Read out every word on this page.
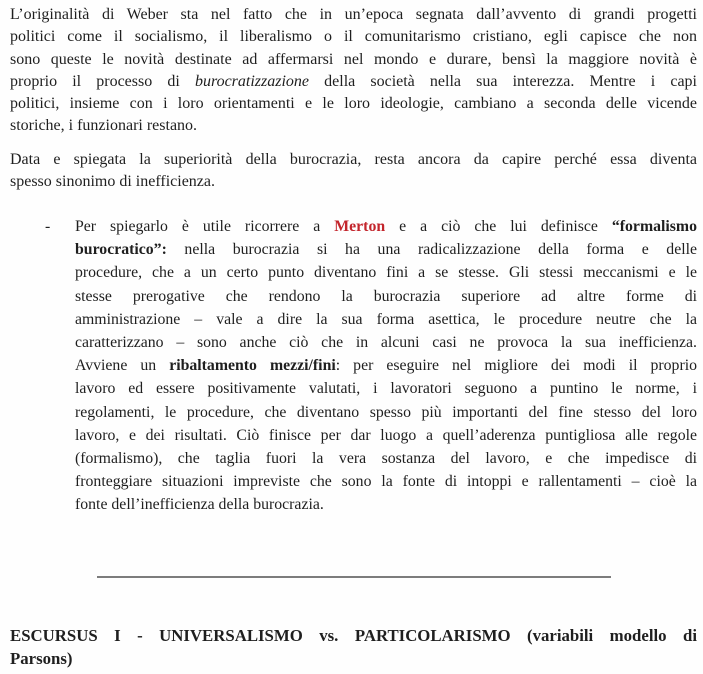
L’originalità di Weber sta nel fatto che in un’epoca segnata dall’avvento di grandi progetti
politici come il socialismo, il liberalismo o il comunitarismo cristiano, egli capisce che non
sono queste le novità destinate ad affermarsi nel mondo e durare, bensì la maggiore novità è
proprio il processo di burocratizzazione della società nella sua interezza. Mentre i capi
politici, insieme con i loro orientamenti e le loro ideologie, cambiano a seconda delle vicende
storiche, i funzionari restano.
Data e spiegata la superiorità della burocrazia, resta ancora da capire perché essa diventa
spesso sinonimo di inefficienza.
- Per spiegarlo è utile ricorrere a Merton e a ciò che lui definisce “formalismo
burocratico”: nella burocrazia si ha una radicalizzazione della forma e delle
procedure, che a un certo punto diventano fini a se stesse. Gli stessi meccanismi e le
stesse prerogative che rendono la burocrazia superiore ad altre forme di
amministrazione – vale a dire la sua forma asettica, le procedure neutre che la
caratterizzano – sono anche ciò che in alcuni casi ne provoca la sua inefficienza.
Avviene un ribaltamento mezzi/fini: per eseguire nel migliore dei modi il proprio
lavoro ed essere positivamente valutati, i lavoratori seguono a puntino le norme, i
regolamenti, le procedure, che diventano spesso più importanti del fine stesso del loro
lavoro, e dei risultati. Ciò finisce per dar luogo a quell’aderenza puntigliosa alle regole
(formalismo), che taglia fuori la vera sostanza del lavoro, e che impedisce di
fronteggiare situazioni impreviste che sono la fonte di intoppi e rallentamenti – cioè la
fonte dell’inefficienza della burocrazia.
ESCURSUS I - UNIVERSALISMO vs. PARTICOLARISMO (variabili modello di
Parsons)
